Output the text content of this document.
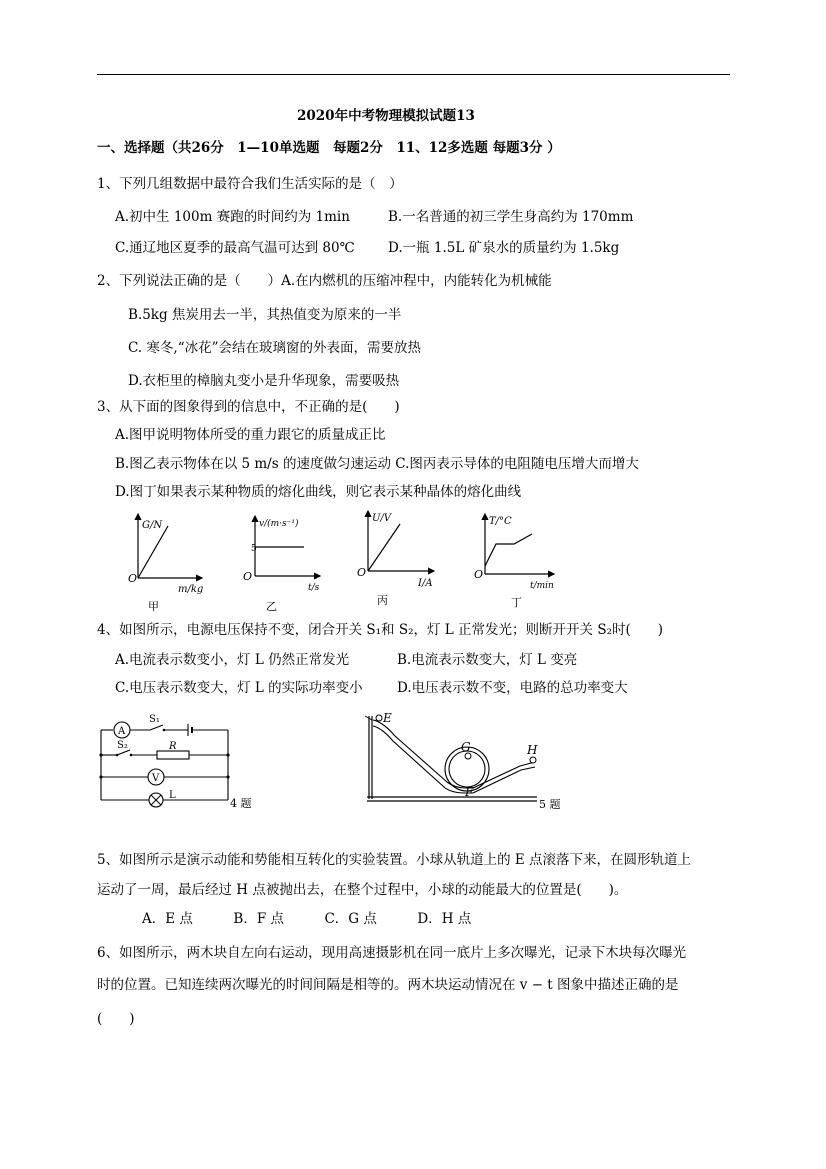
2020年中考物理模拟试题13
一、选择题（共26分　1—10单选题　每题2分　11、12多选题 每题3分 ）
1、下列几组数据中最符合我们生活实际的是（　）
A.初中生 100m 赛跑的时间约为 1min	B.一名普通的初三学生身高约为 170mm
C.通辽地区夏季的最高气温可达到 80℃ D.一瓶 1.5L 矿泉水的质量约为 1.5kg
2、下列说法正确的是（　　）A.在内燃机的压缩冲程中，内能转化为机械能
B.5kg 焦炭用去一半，其热值变为原来的一半
C. 寒冬,“冰花”会结在玻璃窗的外表面，需要放热
D.衣柜里的樟脑丸变小是升华现象，需要吸热
3、从下面的图象得到的信息中，不正确的是(　　)
A.图甲说明物体所受的重力跟它的质量成正比
B.图乙表示物体在以 5 m/s 的速度做匀速运动 C.图丙表示导体的电阻随电压增大而增大
D.图丁如果表示某种物质的熔化曲线，则它表示某种晶体的熔化曲线
G/N
O
m/kg
甲
v/(m·s⁻¹)
5
O
t/s
乙
U/V
O
I/A
丙
T/°C
O
t/min
丁
4、如图所示，电源电压保持不变，闭合开关 S₁和 S₂，灯 L 正常发光；则断开开关 S₂时(　　)
A.电流表示数变小，灯 L 仍然正常发光	B.电流表示数变大，灯 L 变亮
C.电压表示数变大，灯 L 的实际功率变小	D.电压表示数不变，电路的总功率变大
A
S₁
S₂	R
V
L
4 题
E
G	H
F
5 题
5、如图所示是演示动能和势能相互转化的实验装置。小球从轨道上的 E 点滚落下来，在圆形轨道上
运动了一周，最后经过 H 点被抛出去，在整个过程中，小球的动能最大的位置是(　　)。
A．E 点　　　B．F 点　　　C．G 点　　　D．H 点
6、如图所示，两木块自左向右运动，现用高速摄影机在同一底片上多次曝光，记录下木块每次曝光
时的位置。已知连续两次曝光的时间间隔是相等的。两木块运动情况在 v − t 图象中描述正确的是
(　　)
